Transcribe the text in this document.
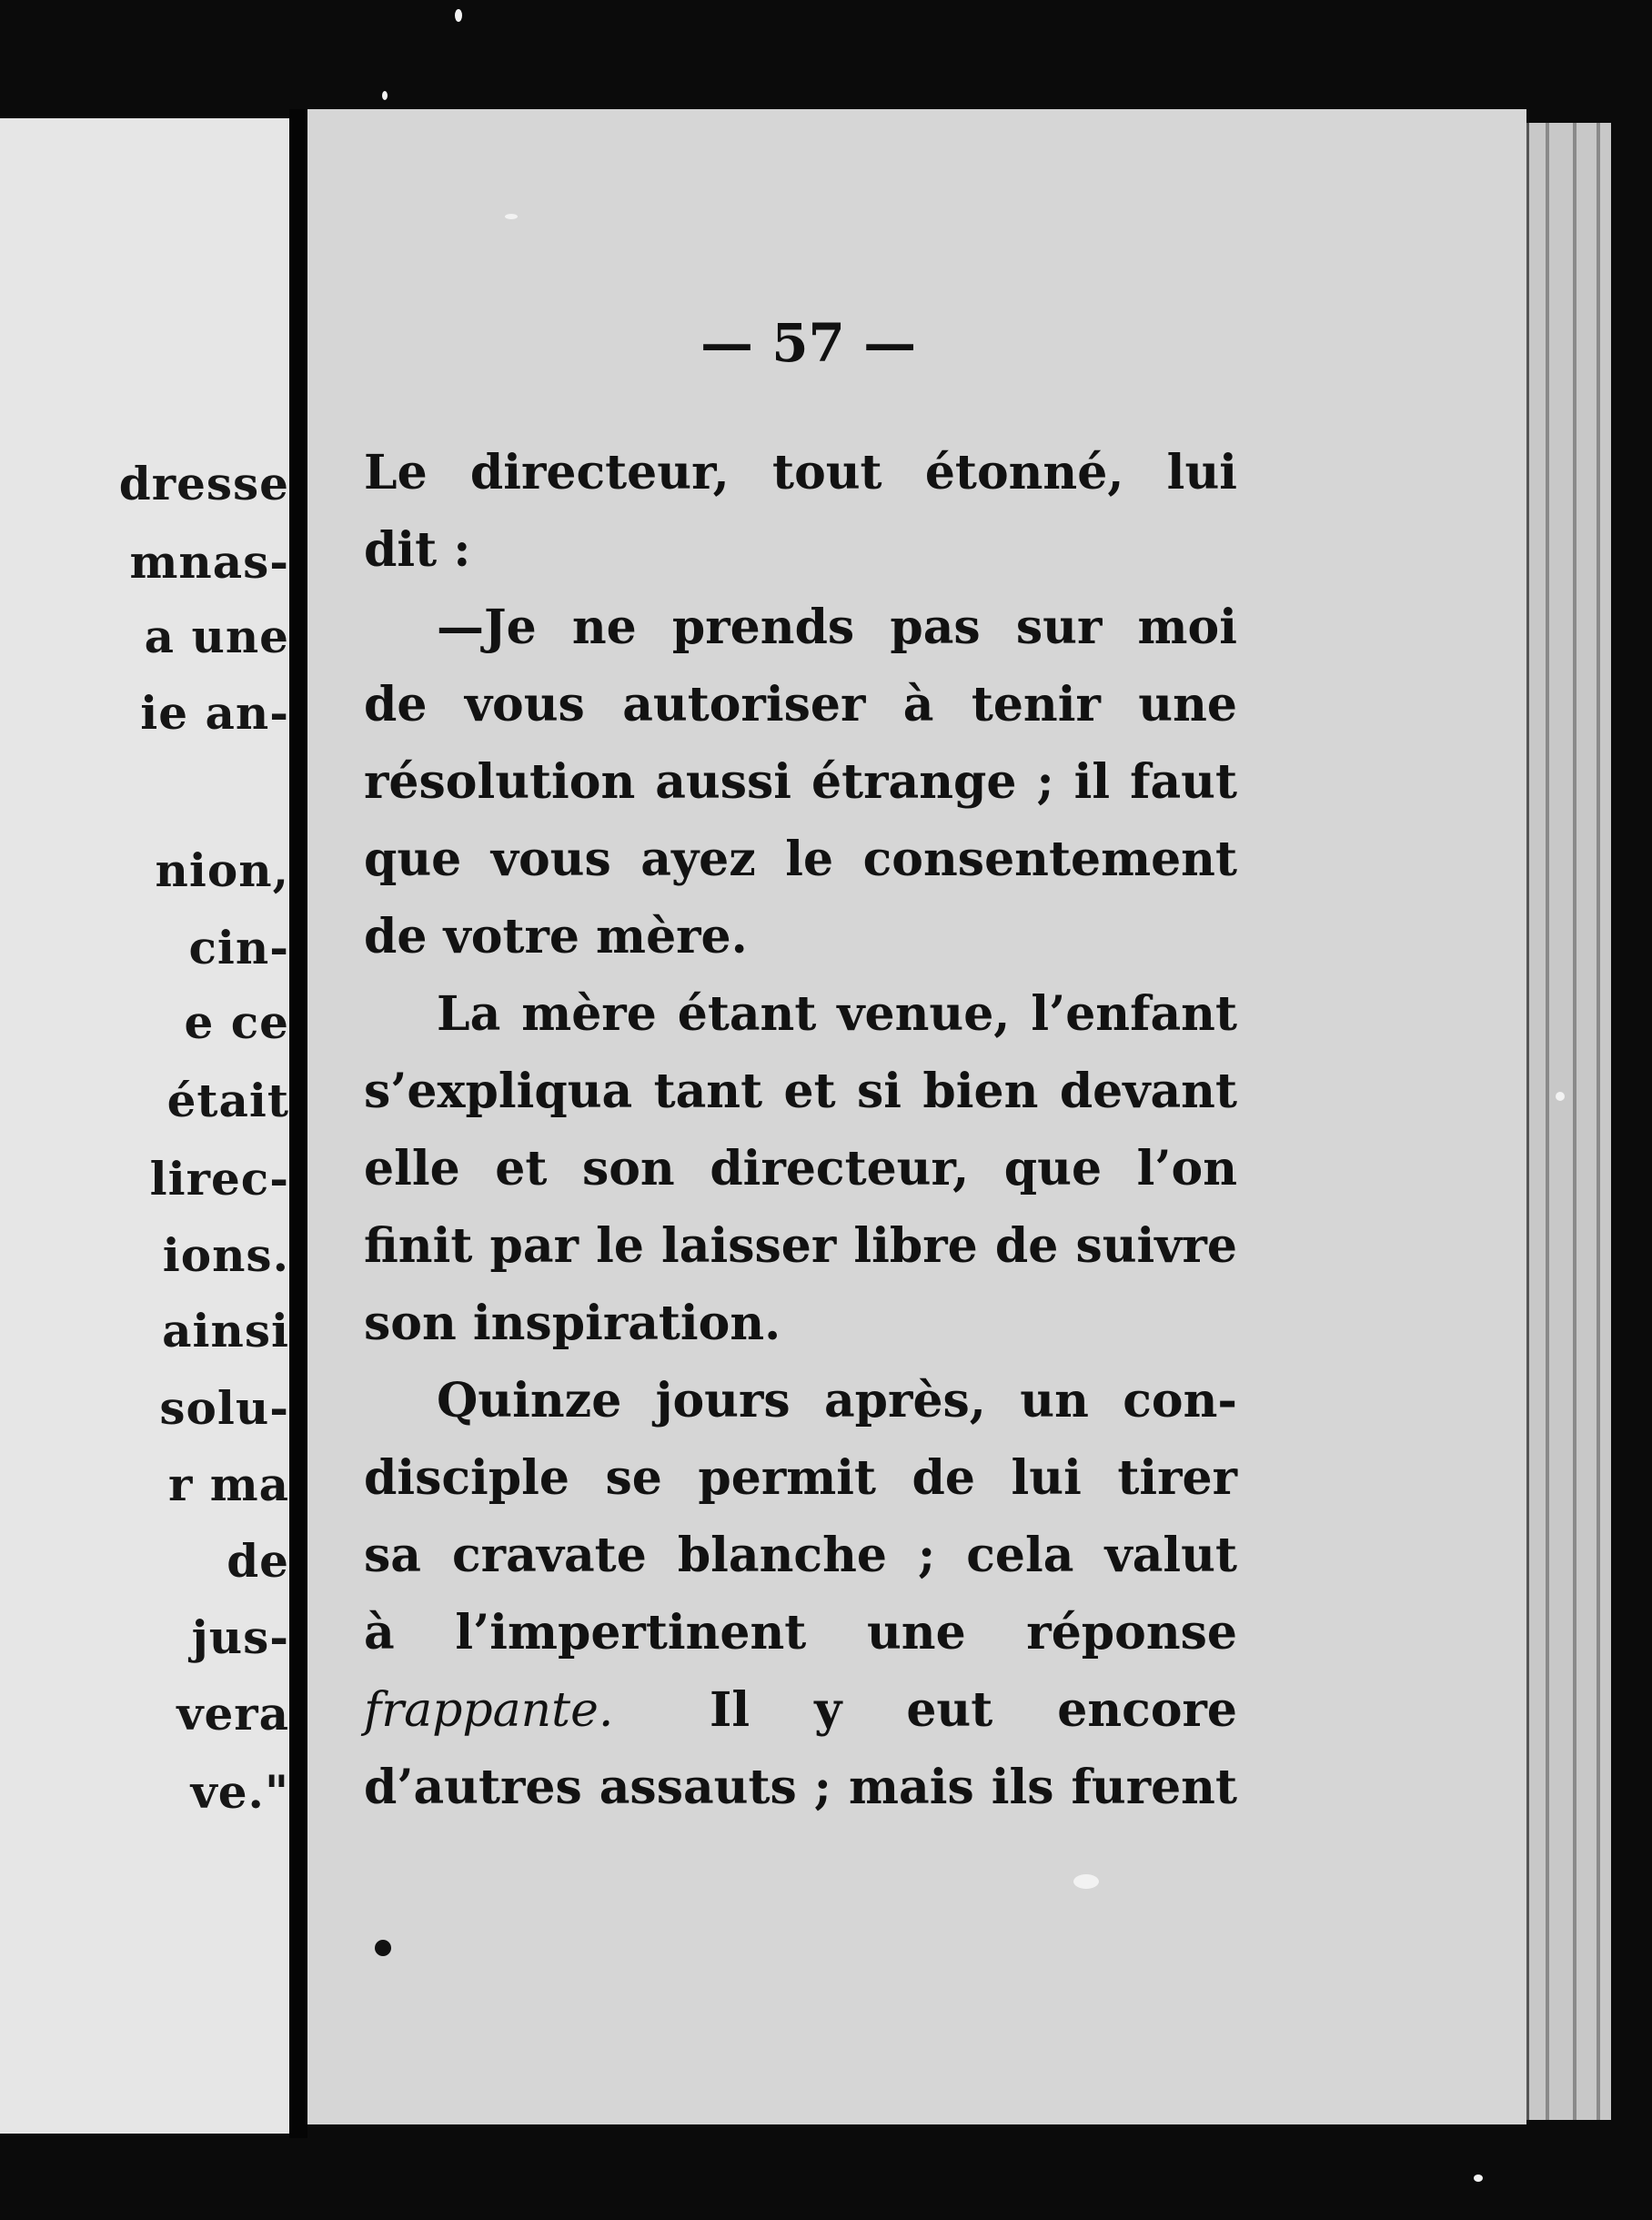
dresse
mnas-
a une
ie an-
nion,
cin-
e ce
était
lirec-
ions.
ainsi
solu-
r ma
de
jus-
vera
ve."
— 57 —
Le directeur, tout étonné, lui
dit :
—Je ne prends pas sur moi
de vous autoriser à tenir une
résolution aussi étrange ; il faut
que vous ayez le consentement
de votre mère.
La mère étant venue, l’enfant
s’expliqua tant et si bien devant
elle et son directeur, que l’on
finit par le laisser libre de suivre
son inspiration.
Quinze jours après, un con-
disciple se permit de lui tirer
sa cravate blanche ; cela valut
à l’impertinent une réponse
frappante. Il y eut encore
d’autres assauts ; mais ils furent
